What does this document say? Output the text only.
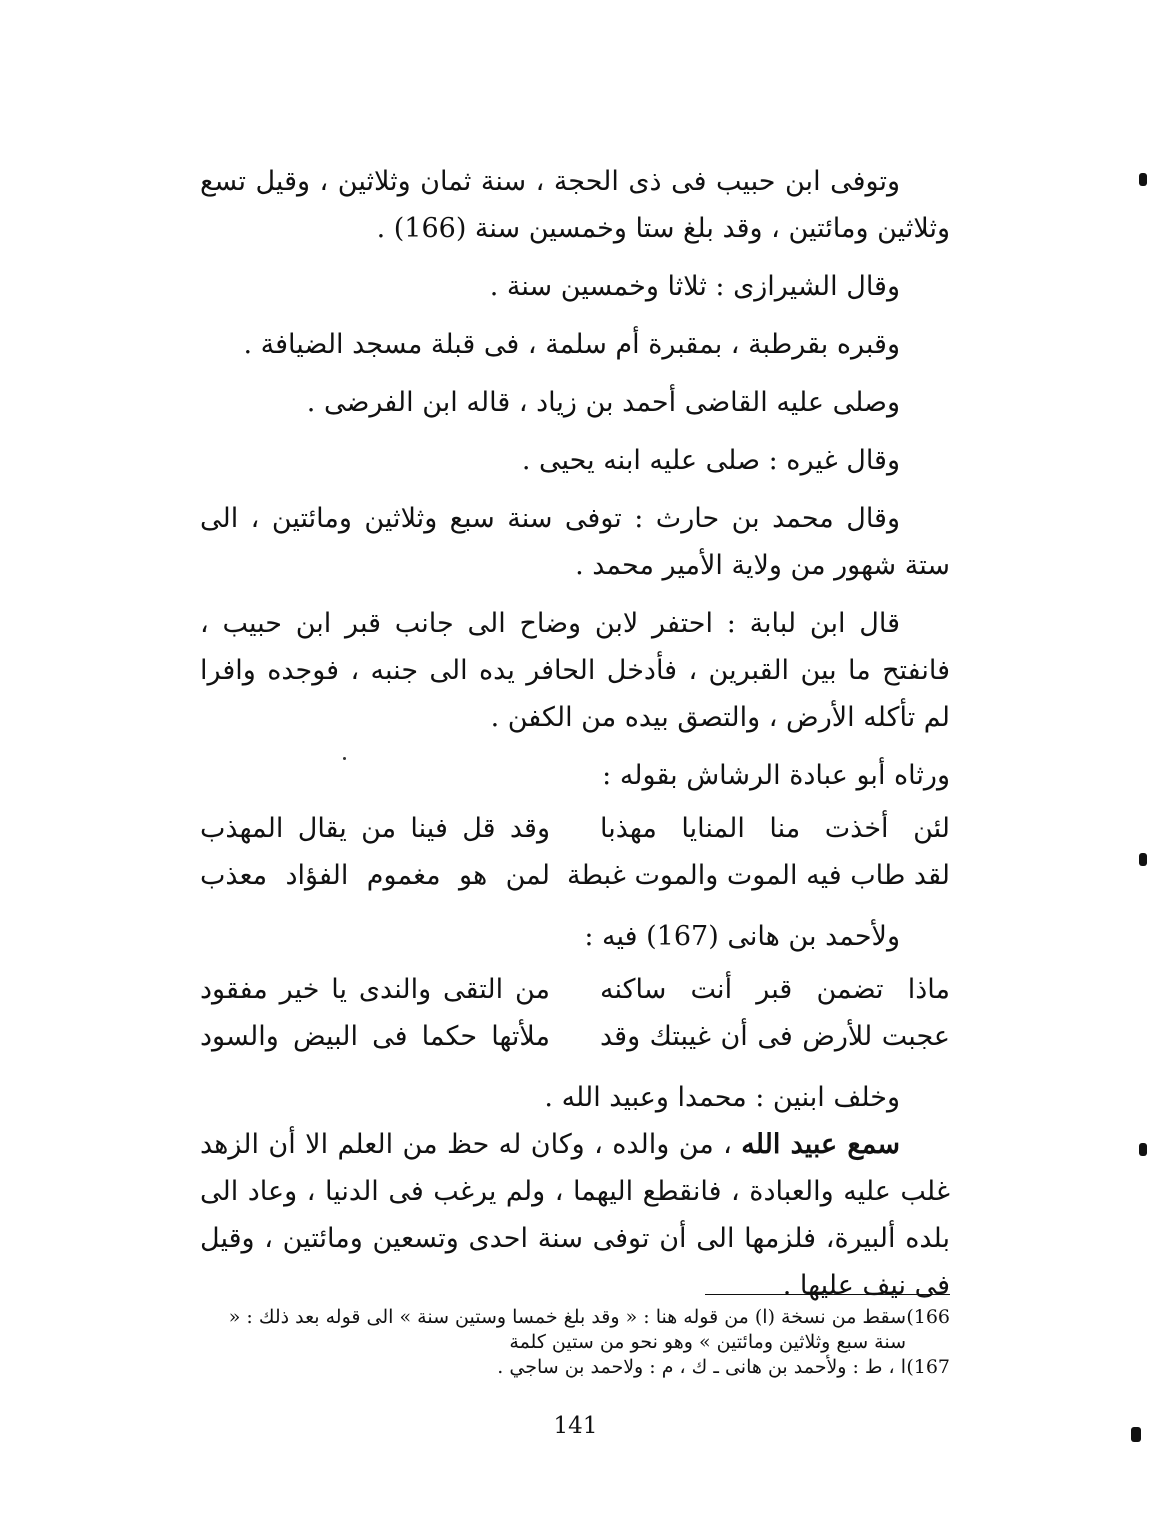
وتوفى ابن حبيب فى ذى الحجة ، سنة ثمان وثلاثين ، وقيل تسع وثلاثين ومائتين ، وقد بلغ ستا وخمسين سنة (166) .

وقال الشيرازى : ثلاثا وخمسين سنة .

وقبره بقرطبة ، بمقبرة أم سلمة ، فى قبلة مسجد الضيافة .

وصلى عليه القاضى أحمد بن زياد ، قاله ابن الفرضى .

وقال غيره : صلى عليه ابنه يحيى .

وقال محمد بن حارث : توفى سنة سبع وثلاثين ومائتين ، الى ستة شهور من ولاية الأمير محمد .

قال ابن لبابة : احتفر لابن وضاح الى جانب قبر ابن حبيب ، فانفتح ما بين القبرين ، فأدخل الحافر يده الى جنبه ، فوجده وافرا لم تأكله الأرض ، والتصق بيده من الكفن .

ورثاه أبو عبادة الرشاش بقوله :

لئن أخذت منا المنايا مهذبا
وقد قل فينا من يقال المهذب
لقد طاب فيه الموت والموت غبطة
لمن هو مغموم الفؤاد معذب

ولأحمد بن هانى (167) فيه :

ماذا تضمن قبر أنت ساكنه
من التقى والندى يا خير مفقود
عجبت للأرض فى أن غيبتك وقد
ملأتها حكما فى البيض والسود

وخلف ابنين : محمدا وعبيد الله .

سمع عبيد الله ، من والده ، وكان له حظ من العلم الا أن الزهد غلب عليه والعبادة ، فانقطع اليهما ، ولم يرغب فى الدنيا ، وعاد الى بلده ألبيرة، فلزمها الى أن توفى سنة احدى وتسعين ومائتين ، وقيل فى نيف عليها .

166)
سقط من نسخة (ا) من قوله هنا : « وقد بلغ خمسا وستين سنة » الى قوله بعد ذلك : « سنة سبع وثلاثين ومائتين » وهو نحو من ستين كلمة
167)
ا ، ط : ولأحمد بن هانى ـ ك ، م : ولاحمد بن ساجي .
141
